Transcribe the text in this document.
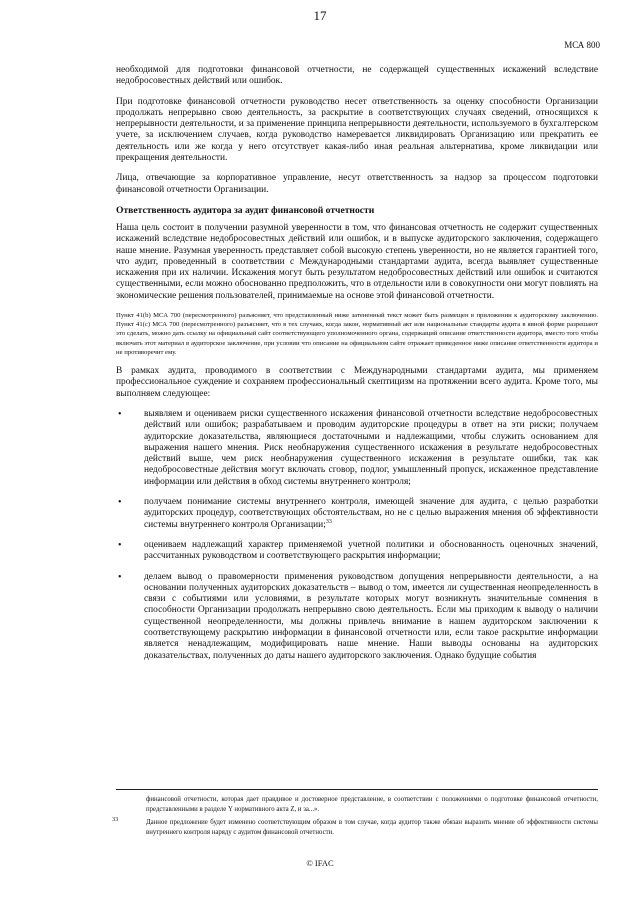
17
МСА 800

необходимой для подготовки финансовой отчетности, не содержащей существенных искажений вследствие недобросовестных действий или ошибок.

При подготовке финансовой отчетности руководство несет ответственность за оценку способности Организации продолжать непрерывно свою деятельность, за раскрытие в соответствующих случаях сведений, относящихся к непрерывности деятельности, и за применение принципа непрерывности деятельности, используемого в бухгалтерском учете, за исключением случаев, когда руководство намеревается ликвидировать Организацию или прекратить ее деятельность или же когда у него отсутствует какая-либо иная реальная альтернатива, кроме ликвидации или прекращения деятельности.

Лица, отвечающие за корпоративное управление, несут ответственность за надзор за процессом подготовки финансовой отчетности Организации.

Ответственность аудитора за аудит финансовой отчетности

Наша цель состоит в получении разумной уверенности в том, что финансовая отчетность не содержит существенных искажений вследствие недобросовестных действий или ошибок, и в выпуске аудиторского заключения, содержащего наше мнение. Разумная уверенность представляет собой высокую степень уверенности, но не является гарантией того, что аудит, проведенный в соответствии с Международными стандартами аудита, всегда выявляет существенные искажения при их наличии. Искажения могут быть результатом недобросовестных действий или ошибок и считаются существенными, если можно обоснованно предположить, что в отдельности или в совокупности они могут повлиять на экономические решения пользователей, принимаемые на основе этой финансовой отчетности.

Пункт 41(b) МСА 700 (пересмотренного) разъясняет, что представленный ниже затененный текст может быть размещен в приложении к аудиторскому заключению. Пункт 41(c) МСА 700 (пересмотренного) разъясняет, что в тех случаях, когда закон, нормативный акт или национальные стандарты аудита в явной форме разрешают это сделать, можно дать ссылку на официальный сайт соответствующего уполномоченного органа, содержащий описание ответственности аудитора, вместо того чтобы включать этот материал в аудиторское заключение, при условии что описание на официальном сайте отражает приведенное ниже описание ответственности аудитора и не противоречит ему.

В рамках аудита, проводимого в соответствии с Международными стандартами аудита, мы применяем профессиональное суждение и сохраняем профессиональный скептицизм на протяжении всего аудита. Кроме того, мы выполняем следующее:

• выявляем и оцениваем риски существенного искажения финансовой отчетности вследствие недобросовестных действий или ошибок; разрабатываем и проводим аудиторские процедуры в ответ на эти риски; получаем аудиторские доказательства, являющиеся достаточными и надлежащими, чтобы служить основанием для выражения нашего мнения. Риск необнаружения существенного искажения в результате недобросовестных действий выше, чем риск необнаружения существенного искажения в результате ошибки, так как недобросовестные действия могут включать сговор, подлог, умышленный пропуск, искаженное представление информации или действия в обход системы внутреннего контроля;
• получаем понимание системы внутреннего контроля, имеющей значение для аудита, с целью разработки аудиторских процедур, соответствующих обстоятельствам, но не с целью выражения мнения об эффективности системы внутреннего контроля Организации;$^{33}$
• оцениваем надлежащий характер применяемой учетной политики и обоснованность оценочных значений, рассчитанных руководством и соответствующего раскрытия информации;
• делаем вывод о правомерности применения руководством допущения непрерывности деятельности, а на основании полученных аудиторских доказательств – вывод о том, имеется ли существенная неопределенность в связи с событиями или условиями, в результате которых могут возникнуть значительные сомнения в способности Организации продолжать непрерывно свою деятельность. Если мы приходим к выводу о наличии существенной неопределенности, мы должны привлечь внимание в нашем аудиторском заключении к соответствующему раскрытию информации в финансовой отчетности или, если такое раскрытие информации является ненадлежащим, модифицировать наше мнение. Наши выводы основаны на аудиторских доказательствах, полученных до даты нашего аудиторского заключения. Однако будущие события
финансовой отчетности, которая дает правдивое и достоверное представление, в соответствии с положениями о подготовке финансовой отчетности, представленными в разделе Y нормативного акта Z, и за...».
33	Данное предложение будет изменено соответствующим образом в том случае, когда аудитор также обязан выразить мнение об эффективности системы внутреннего контроля наряду с аудитом финансовой отчетности.
© IFAC
